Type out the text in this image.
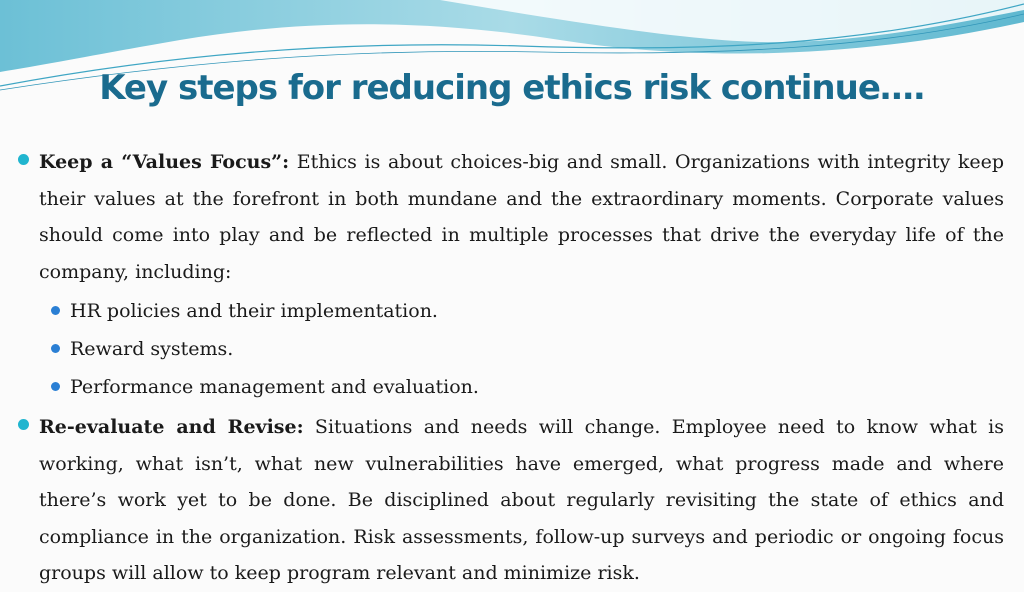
Key steps for reducing ethics risk continue….

Keep a “Values Focus”: Ethics is about choices-big and small. Organizations with integrity keep their values at the forefront in both mundane and the extraordinary moments. Corporate values should come into play and be reflected in multiple processes that drive the everyday life of the company, including:

HR policies and their implementation.

Reward systems.

Performance management and evaluation.

Re-evaluate and Revise: Situations and needs will change. Employee need to know what is working, what isn’t, what new vulnerabilities have emerged, what progress made and where there’s work yet to be done. Be disciplined about regularly revisiting the state of ethics and compliance in the organization. Risk assessments, follow-up surveys and periodic or ongoing focus groups will allow to keep program relevant and minimize risk.
